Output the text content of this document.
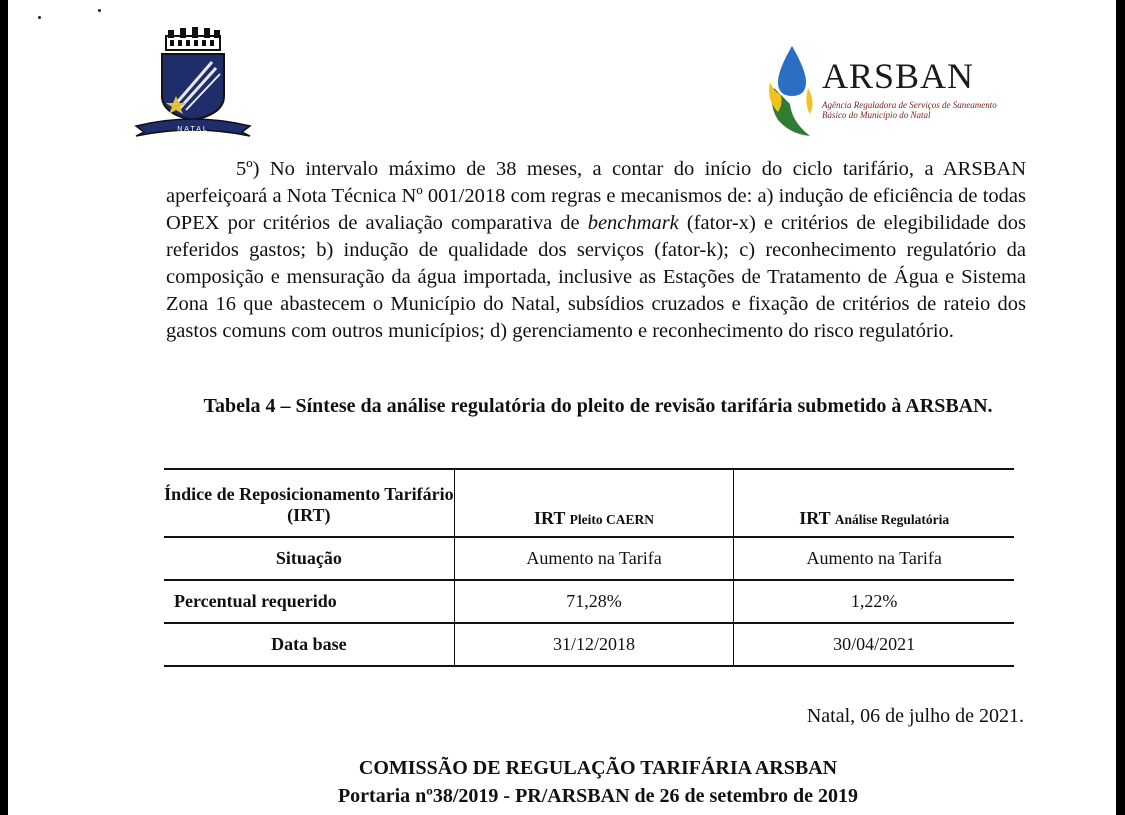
NATAL
ARSBAN
Agência Reguladora de Serviços de Saneamento Básico do Município do Natal

5º) No intervalo máximo de 38 meses, a contar do início do ciclo tarifário, a ARSBAN aperfeiçoará a Nota Técnica Nº 001/2018 com regras e mecanismos de: a) indução de eficiência de todas OPEX por critérios de avaliação comparativa de benchmark (fator-x) e critérios de elegibilidade dos referidos gastos; b) indução de qualidade dos serviços (fator-k); c) reconhecimento regulatório da composição e mensuração da água importada, inclusive as Estações de Tratamento de Água e Sistema Zona 16 que abastecem o Município do Natal, subsídios cruzados e fixação de critérios de rateio dos gastos comuns com outros municípios; d) gerenciamento e reconhecimento do risco regulatório.

Tabela 4 – Síntese da análise regulatória do pleito de revisão tarifária submetido à ARSBAN.

Índice de Reposicionamento Tarifário (IRT)	IRT Pleito CAERN	IRT Análise Regulatória
Situação	Aumento na Tarifa	Aumento na Tarifa
Percentual requerido	71,28%	1,22%
Data base	31/12/2018	30/04/2021
Natal, 06 de julho de 2021.
COMISSÃO DE REGULAÇÃO TARIFÁRIA ARSBAN
Portaria nº38/2019 - PR/ARSBAN de 26 de setembro de 2019
